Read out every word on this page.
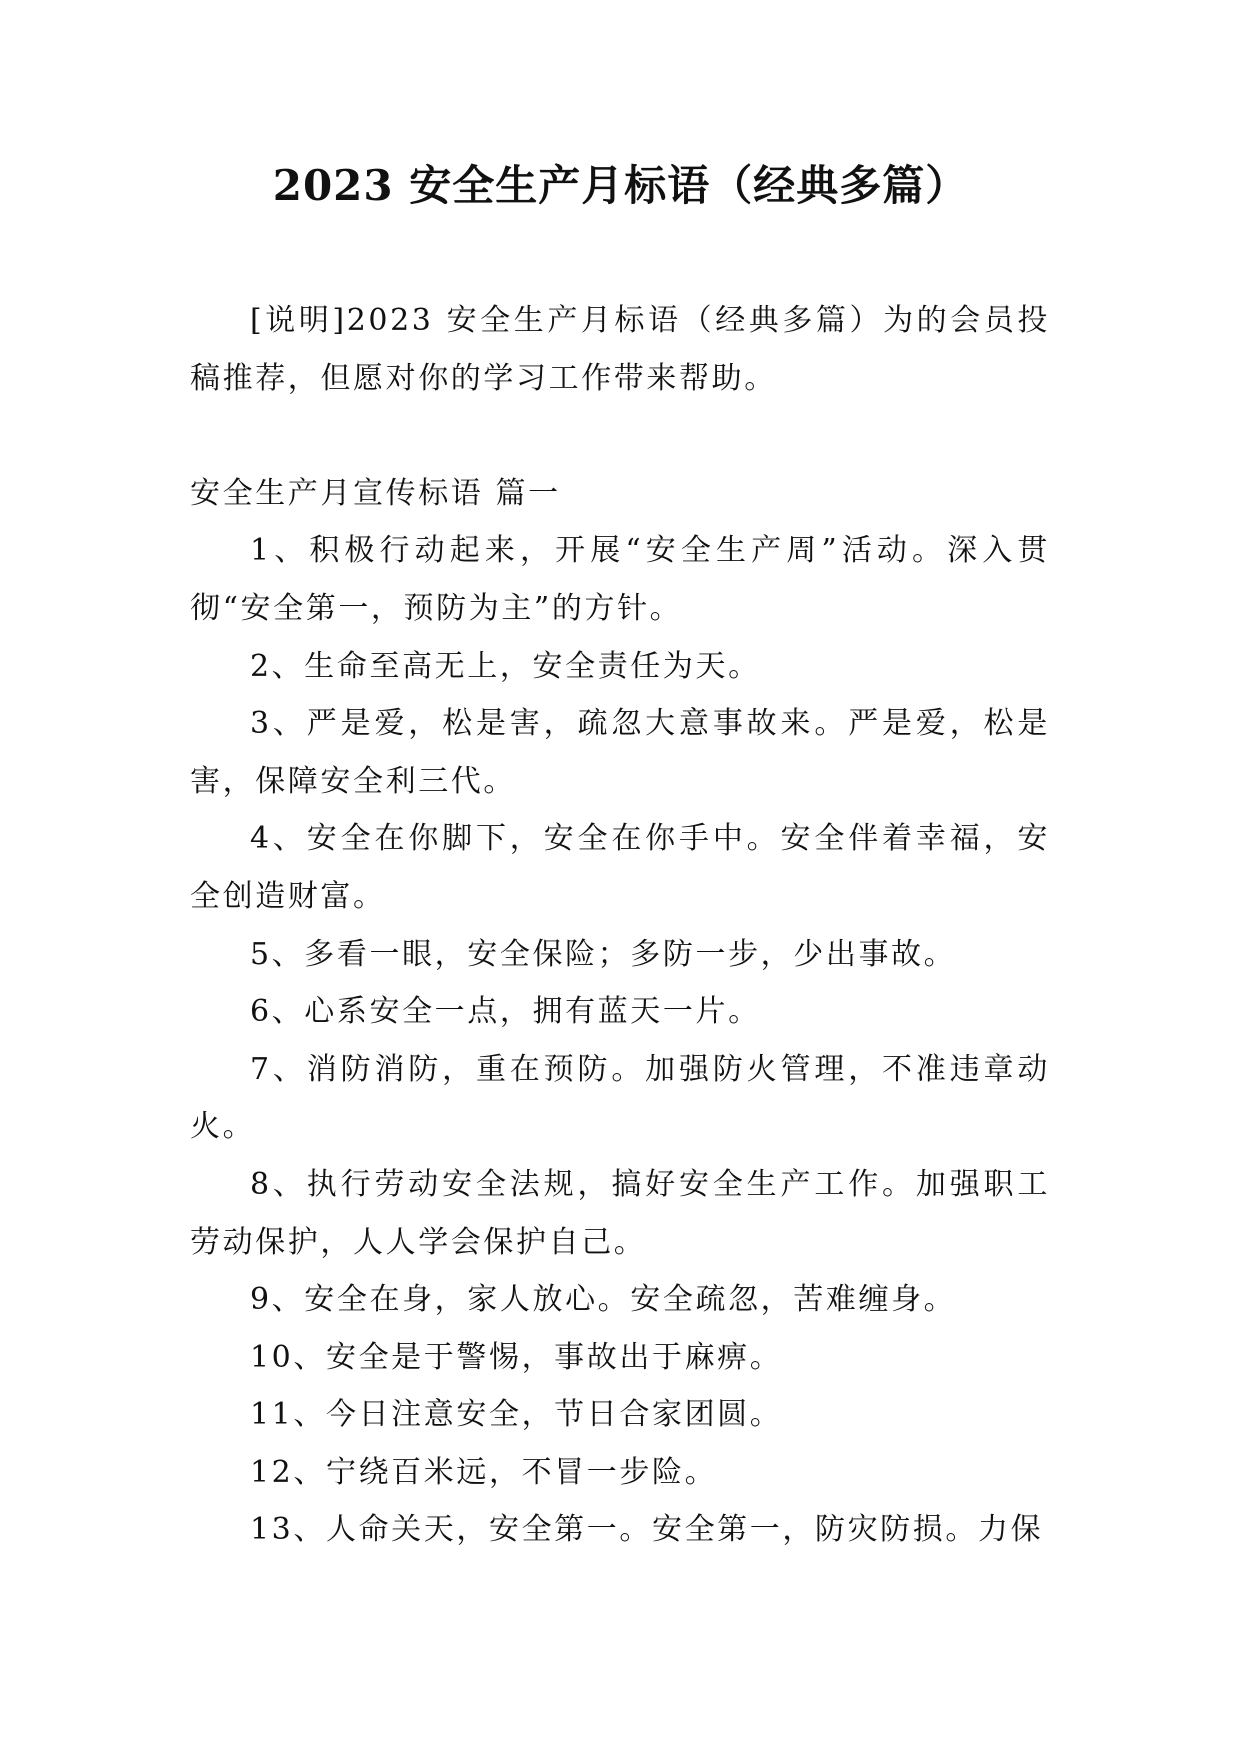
2023 安全生产月标语（经典多篇）

[说明]2023 安全生产月标语（经典多篇）为的会员投稿推荐，但愿对你的学习工作带来帮助。

安全生产月宣传标语 篇一

1、积极行动起来，开展“安全生产周”活动。深入贯彻“安全第一，预防为主”的方针。

2、生命至高无上，安全责任为天。

3、严是爱，松是害，疏忽大意事故来。严是爱，松是害，保障安全利三代。

4、安全在你脚下，安全在你手中。安全伴着幸福，安全创造财富。

5、多看一眼，安全保险；多防一步，少出事故。

6、心系安全一点，拥有蓝天一片。

7、消防消防，重在预防。加强防火管理，不准违章动火。

8、执行劳动安全法规，搞好安全生产工作。加强职工劳动保护，人人学会保护自己。

9、安全在身，家人放心。安全疏忽，苦难缠身。

10、安全是于警惕，事故出于麻痹。

11、今日注意安全，节日合家团圆。

12、宁绕百米远，不冒一步险。

13、人命关天，安全第一。安全第一，防灾防损。力保
